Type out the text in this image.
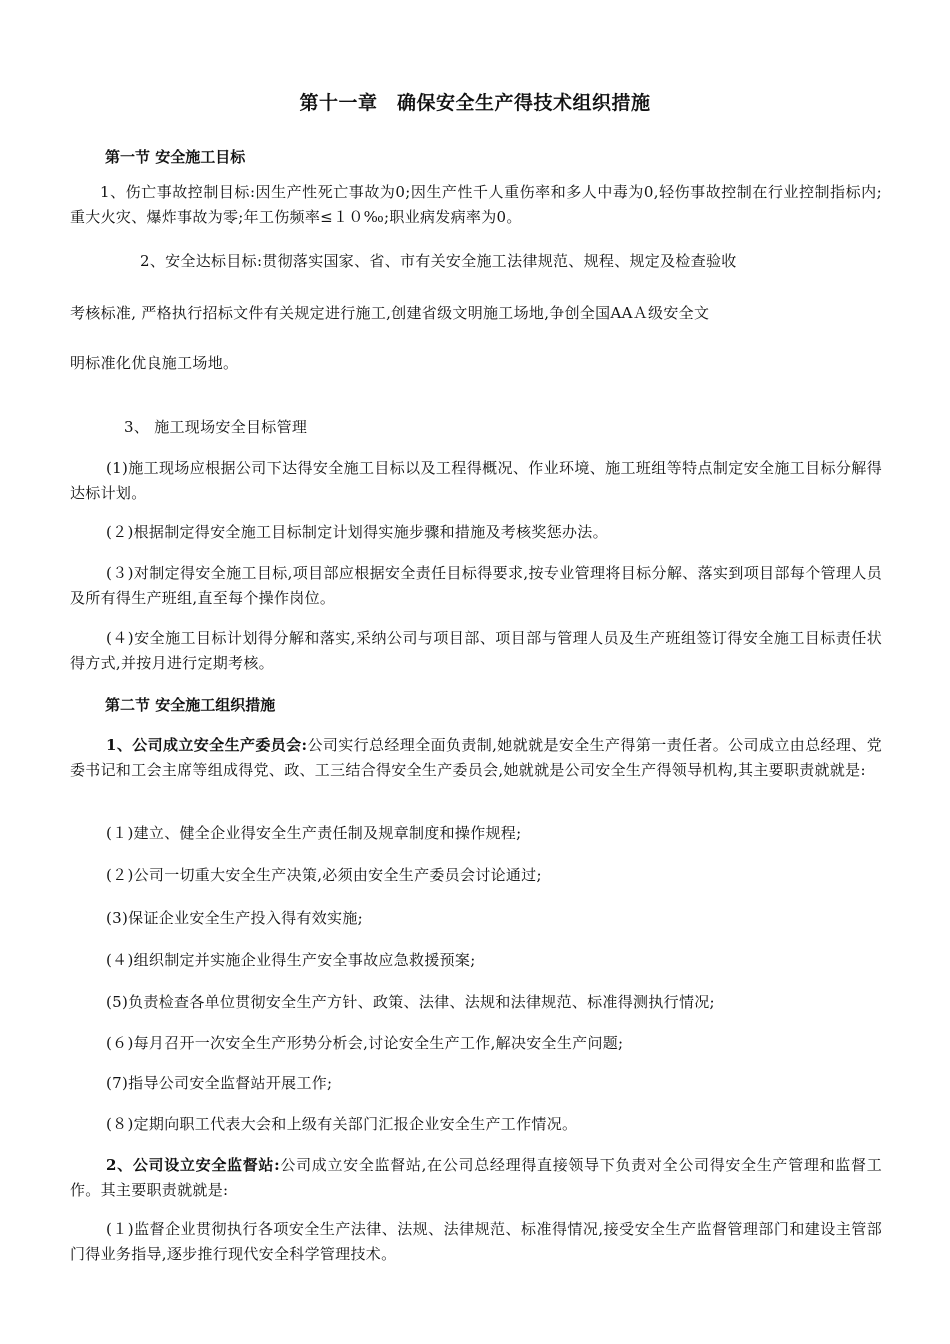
第十一章　确保安全生产得技术组织措施
第一节 安全施工目标
1、伤亡事故控制目标:因生产性死亡事故为0;因生产性千人重伤率和多人中毒为0,轻伤事故控制在行业控制指标内;重大火灾、爆炸事故为零;年工伤频率≤１０‰;职业病发病率为0。
2、安全达标目标:贯彻落实国家、省、市有关安全施工法律规范、规程、规定及检查验收
考核标准, 严格执行招标文件有关规定进行施工,创建省级文明施工场地,争创全国AAＡ级安全文
明标准化优良施工场地。
3、 施工现场安全目标管理
(1)施工现场应根据公司下达得安全施工目标以及工程得概况、作业环境、施工班组等特点制定安全施工目标分解得达标计划。
(２)根据制定得安全施工目标制定计划得实施步骤和措施及考核奖惩办法。
(３)对制定得安全施工目标,项目部应根据安全责任目标得要求,按专业管理将目标分解、落实到项目部每个管理人员及所有得生产班组,直至每个操作岗位。
(４)安全施工目标计划得分解和落实,采纳公司与项目部、项目部与管理人员及生产班组签订得安全施工目标责任状得方式,并按月进行定期考核。
第二节 安全施工组织措施
1、公司成立安全生产委员会:公司实行总经理全面负责制,她就就是安全生产得第一责任者。公司成立由总经理、党委书记和工会主席等组成得党、政、工三结合得安全生产委员会,她就就是公司安全生产得领导机构,其主要职责就就是:
(１)建立、健全企业得安全生产责任制及规章制度和操作规程;
(２)公司一切重大安全生产决策,必须由安全生产委员会讨论通过;
(3)保证企业安全生产投入得有效实施;
(４)组织制定并实施企业得生产安全事故应急救援预案;
(5)负责检查各单位贯彻安全生产方针、政策、法律、法规和法律规范、标准得测执行情况;
(６)每月召开一次安全生产形势分析会,讨论安全生产工作,解决安全生产问题;
(7)指导公司安全监督站开展工作;
(８)定期向职工代表大会和上级有关部门汇报企业安全生产工作情况。
2、公司设立安全监督站:公司成立安全监督站,在公司总经理得直接领导下负责对全公司得安全生产管理和监督工作。其主要职责就就是:
(１)监督企业贯彻执行各项安全生产法律、法规、法律规范、标准得情况,接受安全生产监督管理部门和建设主管部门得业务指导,逐步推行现代安全科学管理技术。
